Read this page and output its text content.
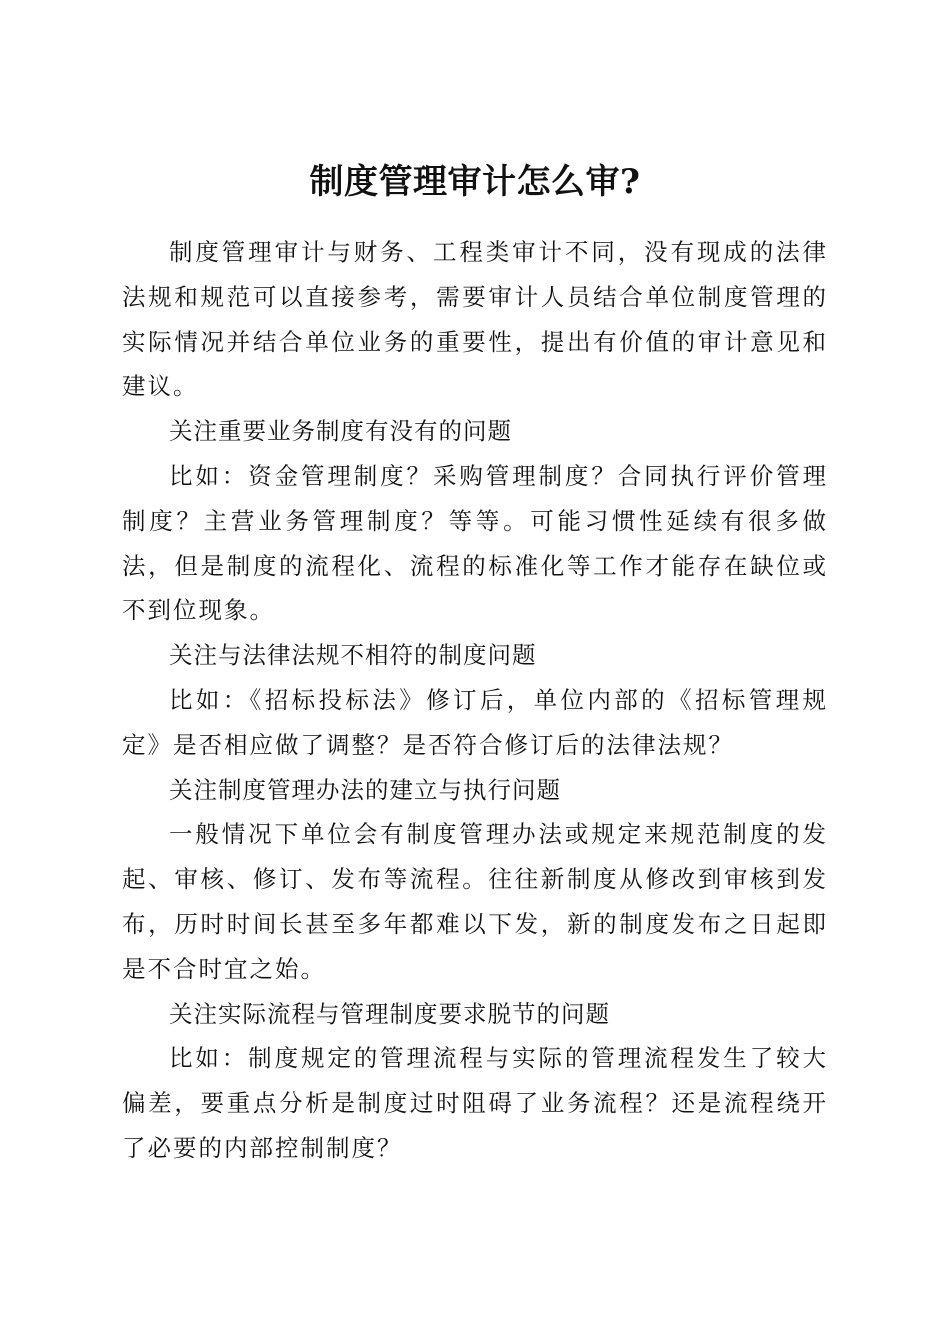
制度管理审计怎么审?

制度管理审计与财务、工程类审计不同，没有现成的法律法规和规范可以直接参考，需要审计人员结合单位制度管理的实际情况并结合单位业务的重要性，提出有价值的审计意见和建议。

关注重要业务制度有没有的问题

比如：资金管理制度？采购管理制度？合同执行评价管理制度？主营业务管理制度？等等。可能习惯性延续有很多做法，但是制度的流程化、流程的标准化等工作才能存在缺位或不到位现象。

关注与法律法规不相符的制度问题

比如：《招标投标法》修订后，单位内部的《招标管理规定》是否相应做了调整？是否符合修订后的法律法规？

关注制度管理办法的建立与执行问题

一般情况下单位会有制度管理办法或规定来规范制度的发起、审核、修订、发布等流程。往往新制度从修改到审核到发布，历时时间长甚至多年都难以下发，新的制度发布之日起即是不合时宜之始。

关注实际流程与管理制度要求脱节的问题

比如：制度规定的管理流程与实际的管理流程发生了较大偏差，要重点分析是制度过时阻碍了业务流程？还是流程绕开了必要的内部控制制度？
